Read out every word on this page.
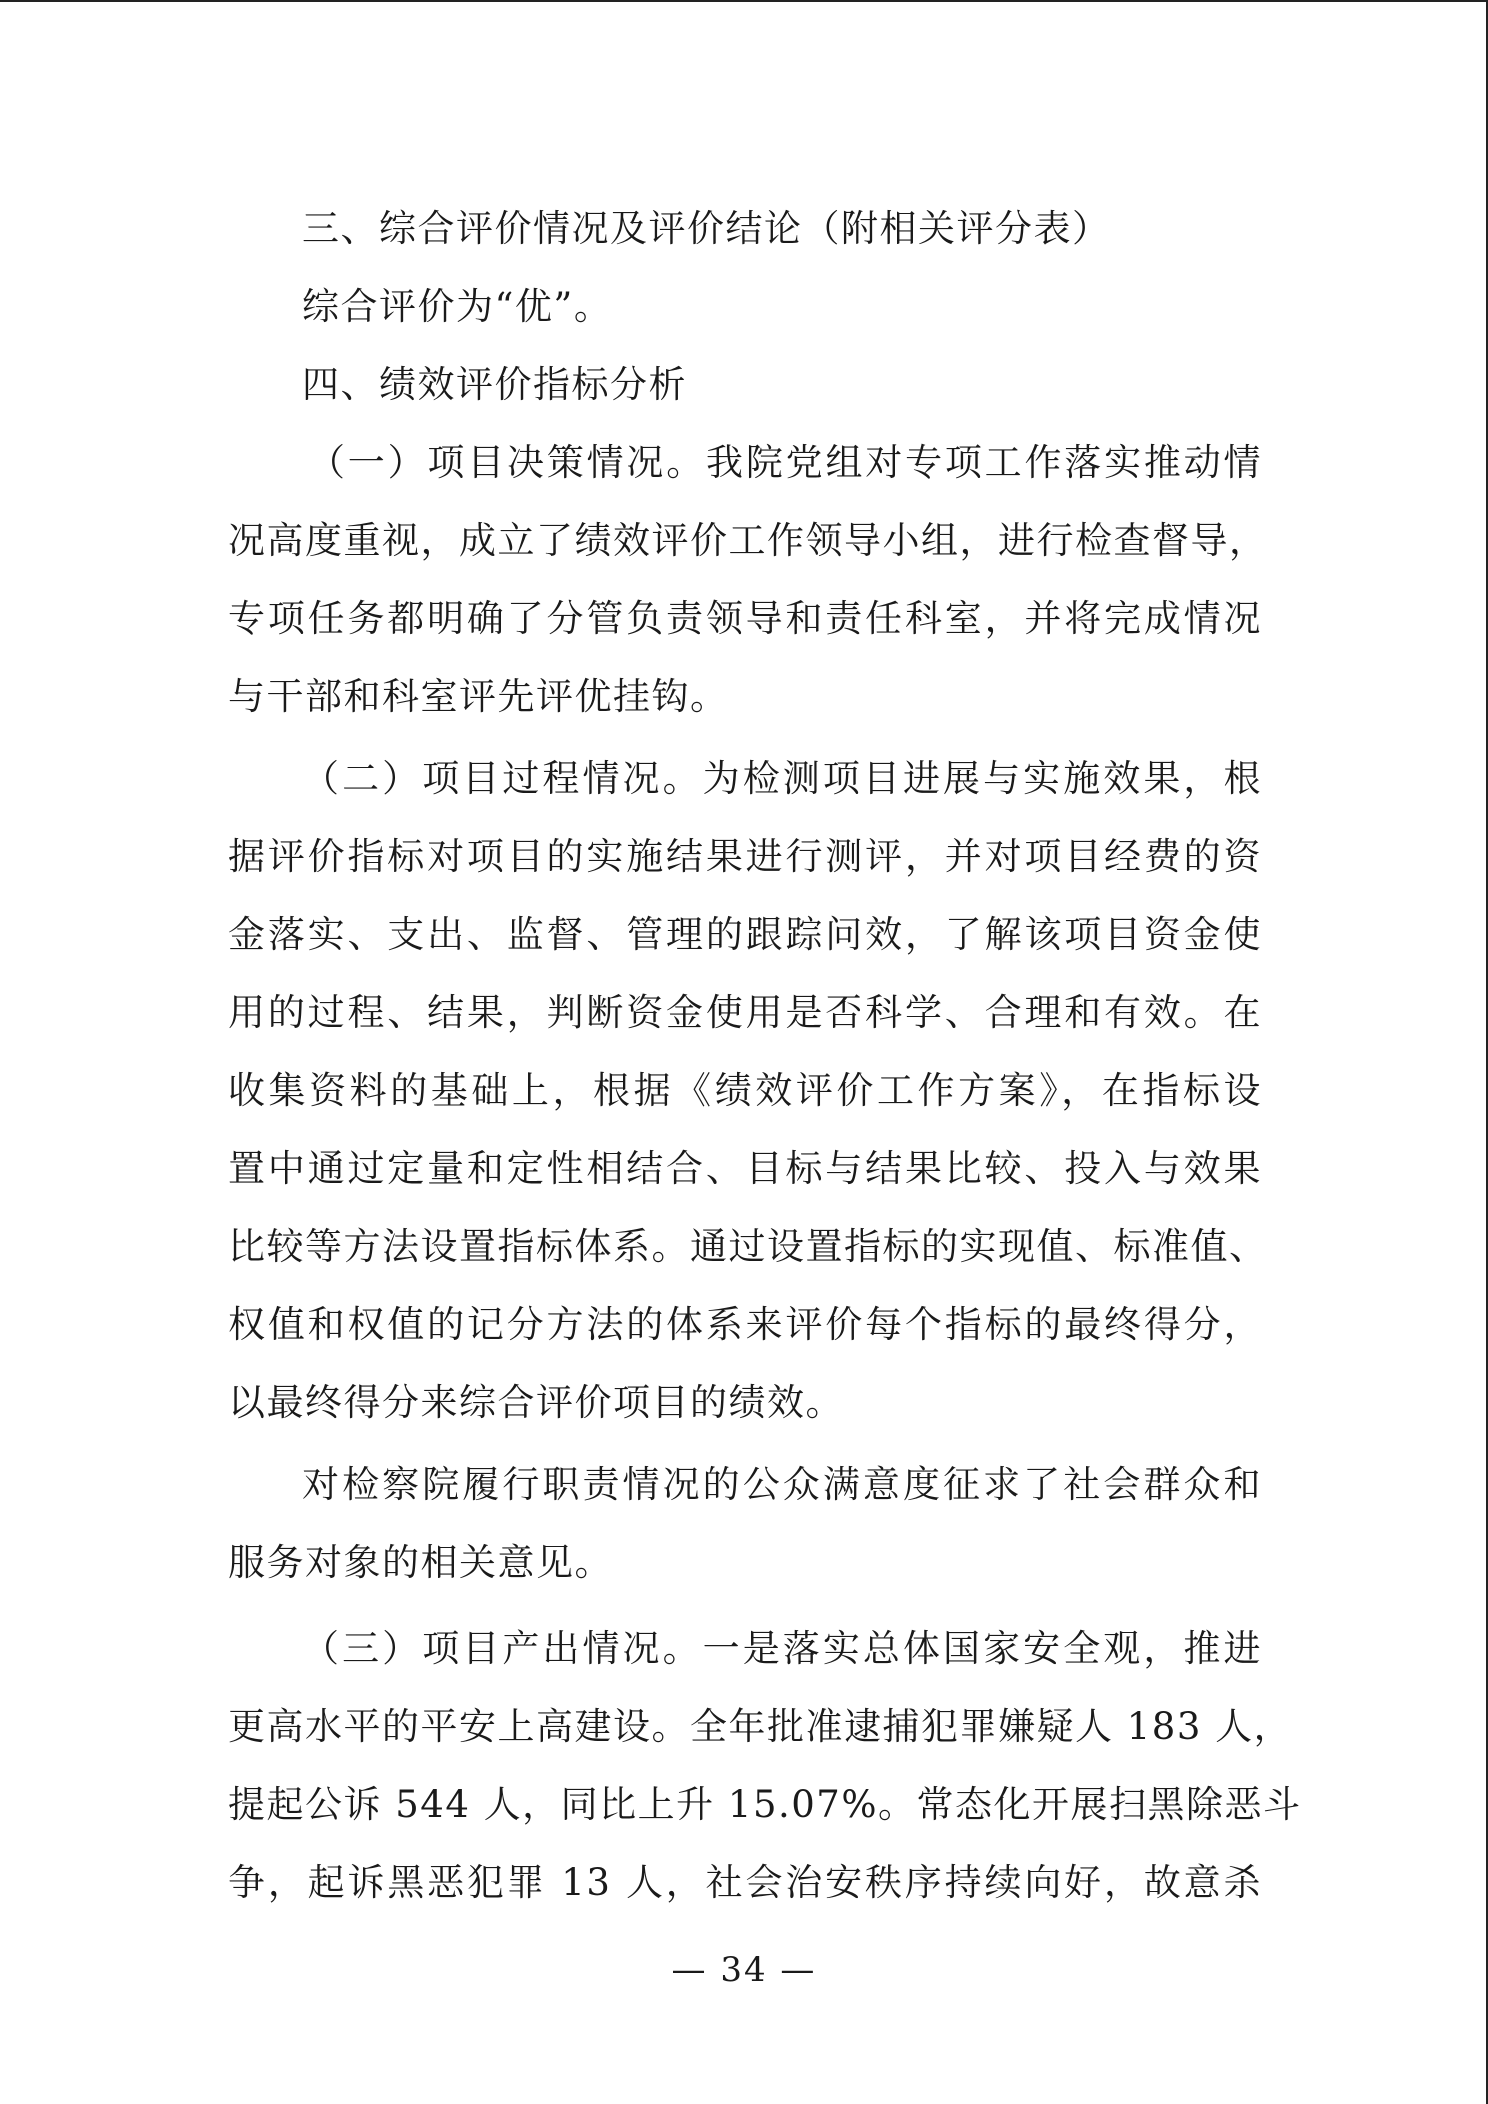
三、综合评价情况及评价结论（附相关评分表）
综合评价为“优”。
四、绩效评价指标分析
（一）项目决策情况。我院党组对专项工作落实推动情
况高度重视，成立了绩效评价工作领导小组，进行检查督导，
专项任务都明确了分管负责领导和责任科室，并将完成情况
与干部和科室评先评优挂钩。
（二）项目过程情况。为检测项目进展与实施效果，根
据评价指标对项目的实施结果进行测评，并对项目经费的资
金落实、支出、监督、管理的跟踪问效，了解该项目资金使
用的过程、结果，判断资金使用是否科学、合理和有效。在
收集资料的基础上，根据《绩效评价工作方案》，在指标设
置中通过定量和定性相结合、目标与结果比较、投入与效果
比较等方法设置指标体系。通过设置指标的实现值、标准值、
权值和权值的记分方法的体系来评价每个指标的最终得分，
以最终得分来综合评价项目的绩效。
对检察院履行职责情况的公众满意度征求了社会群众和
服务对象的相关意见。
（三）项目产出情况。一是落实总体国家安全观，推进
更高水平的平安上高建设。全年批准逮捕犯罪嫌疑人 183 人，
提起公诉 544 人，同比上升 15.07%。常态化开展扫黑除恶斗
争，起诉黑恶犯罪 13 人，社会治安秩序持续向好，故意杀
— 34 —
